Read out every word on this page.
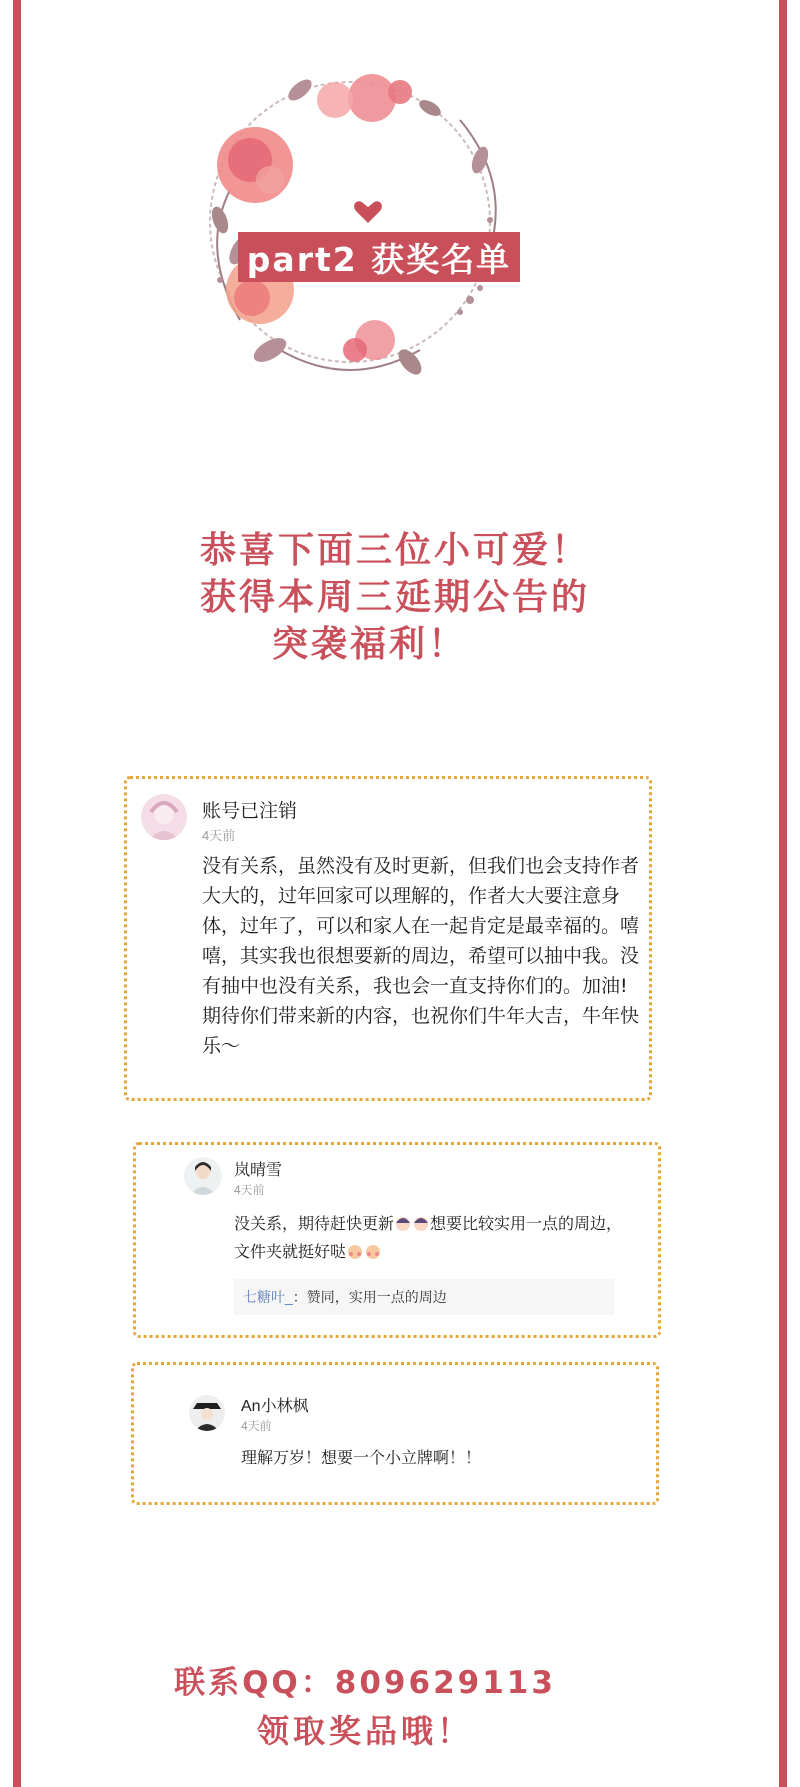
part2 获奖名单
恭喜下面三位小可爱！
获得本周三延期公告的
突袭福利！
账号已注销
4天前
没有关系，虽然没有及时更新，但我们也会支持作者大大的，过年回家可以理解的，作者大大要注意身体，过年了，可以和家人在一起肯定是最幸福的。嘻嘻，其实我也很想要新的周边，希望可以抽中我。没有抽中也没有关系，我也会一直支持你们的。加油!期待你们带来新的内容，也祝你们牛年大吉，牛年快乐～
岚晴雪
4天前
没关系，期待赶快更新 想要比较实用一点的周边，文件夹就挺好哒
七糖叶_：赞同，实用一点的周边
An小林枫
4天前
理解万岁！想要一个小立牌啊！！
联系QQ：809629113
领取奖品哦！
